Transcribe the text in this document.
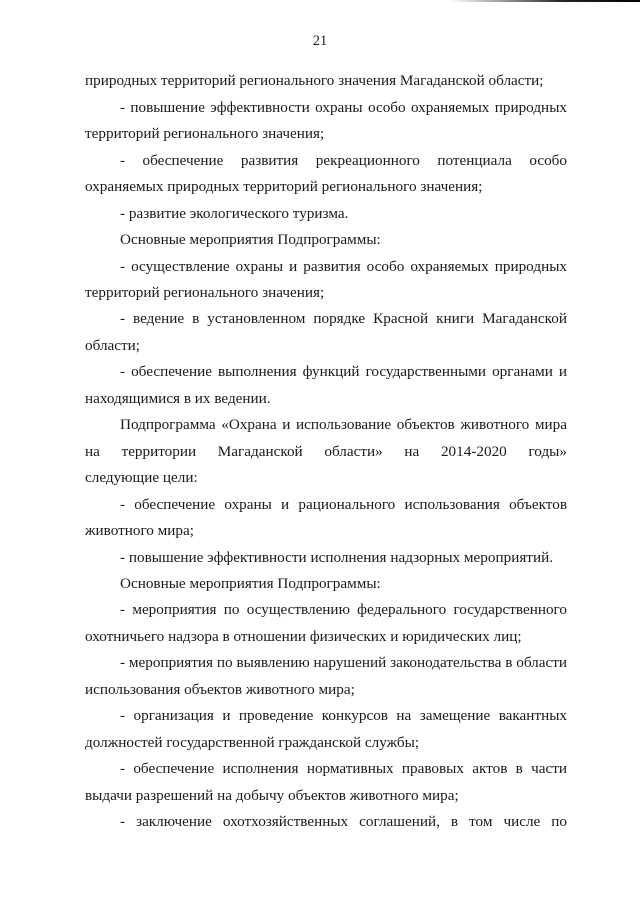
21

природных территорий регионального значения Магаданской области;

- повышение эффективности охраны особо охраняемых природных

территорий регионального значения;

- обеспечение развития рекреационного потенциала особо

охраняемых природных территорий регионального значения;

- развитие экологического туризма.

Основные мероприятия Подпрограммы:

- осуществление охраны и развития особо охраняемых природных

территорий регионального значения;

- ведение в установленном порядке Красной книги Магаданской

области;

- обеспечение выполнения функций государственными органами и

находящимися в их ведении.

Подпрограмма «Охрана и использование объектов животного мира

на территории Магаданской области» на 2014-2020 годы»

следующие цели:

- обеспечение охраны и рационального использования объектов

животного мира;

- повышение эффективности исполнения надзорных мероприятий.

Основные мероприятия Подпрограммы:

- мероприятия по осуществлению федерального государственного

охотничьего надзора в отношении физических и юридических лиц;

- мероприятия по выявлению нарушений законодательства в области

использования объектов животного мира;

- организация и проведение конкурсов на замещение вакантных

должностей государственной гражданской службы;

- обеспечение исполнения нормативных правовых актов в части

выдачи разрешений на добычу объектов животного мира;

- заключение охотхозяйственных соглашений, в том числе по
